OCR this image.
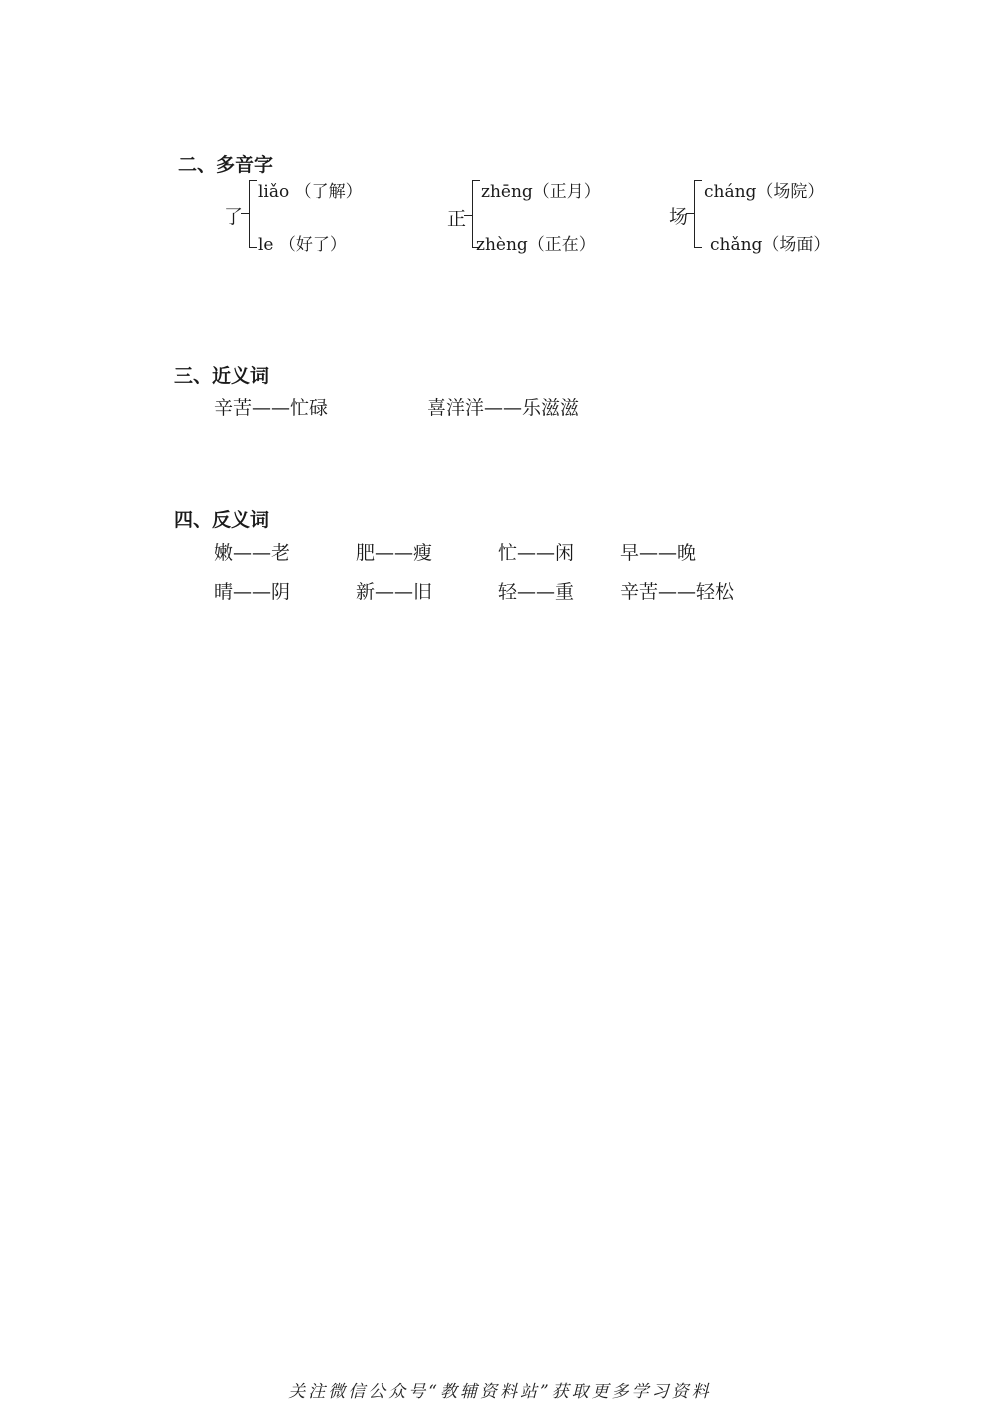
二、多音字
了
liǎo （了解）
le （好了）
正
zhēng（正月）
zhèng（正在）
场
cháng（场院）
chǎng（场面）
三、近义词
辛苦——忙碌	喜洋洋——乐滋滋
四、反义词
嫩——老	肥——瘦	忙——闲 早——晚
晴——阴	新——旧	轻——重 辛苦——轻松
关注微信公众号“教辅资料站”获取更多学习资料
